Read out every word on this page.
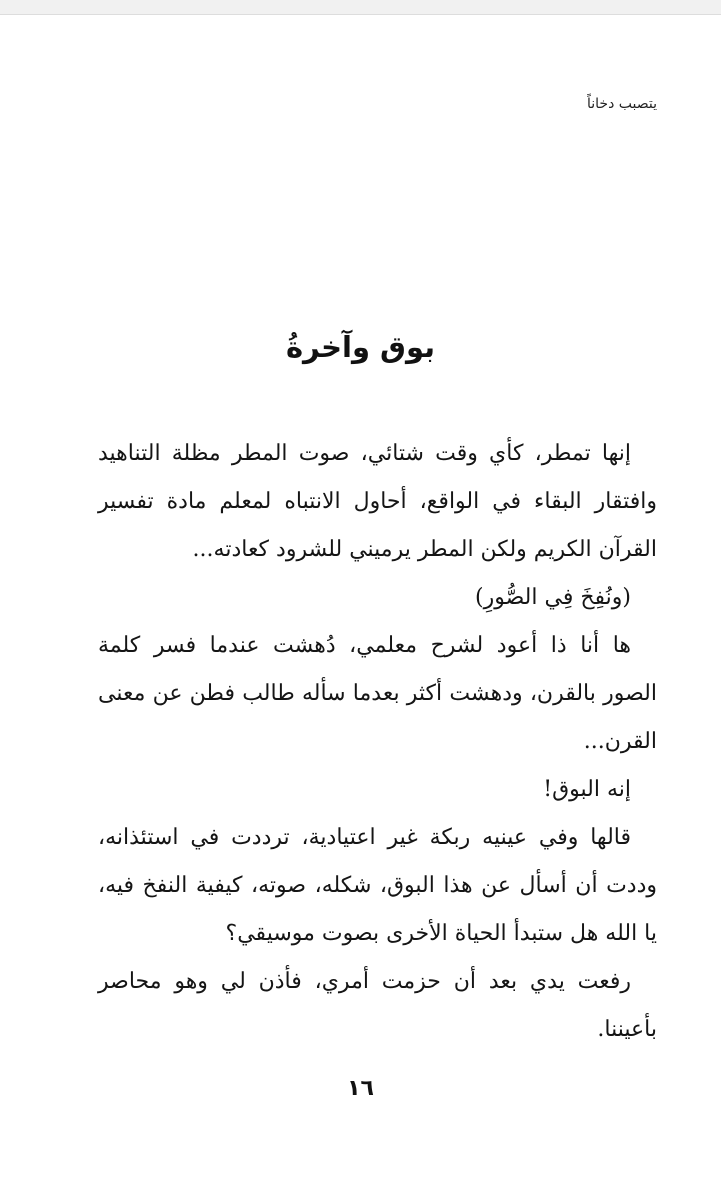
يتصبب دخاناً
بوق وآخرةُ

إنها تمطر، كأي وقت شتائي، صوت المطر مظلة التناهيد وافتقار البقاء في الواقع، أحاول الانتباه لمعلم مادة تفسير القرآن الكريم ولكن المطر يرميني للشرود كعادته...

(ونُفِخَ فِي الصُّورِ)

ها أنا ذا أعود لشرح معلمي، دُهشت عندما فسر كلمة الصور بالقرن، ودهشت أكثر بعدما سأله طالب فطن عن معنى القرن...

إنه البوق!

قالها وفي عينيه ربكة غير اعتيادية، ترددت في استئذانه، وددت أن أسأل عن هذا البوق، شكله، صوته، كيفية النفخ فيه، يا الله هل ستبدأ الحياة الأخرى بصوت موسيقي؟

رفعت يدي بعد أن حزمت أمري، فأذن لي وهو محاصر بأعيننا.

١٦
